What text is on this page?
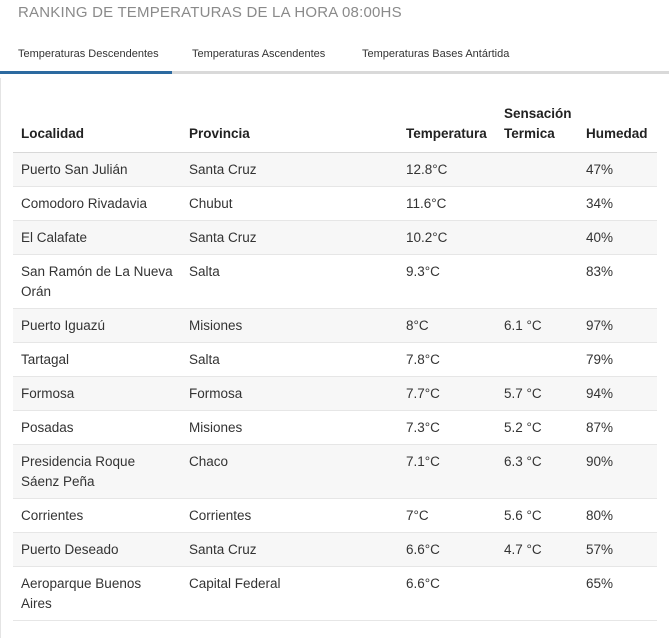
RANKING DE TEMPERATURAS DE LA HORA 08:00HS
Temperaturas Descendentes	Temperaturas Ascendentes	Temperaturas Bases Antártida
Localidad	Provincia	Temperatura	Sensación Termica	Humedad
Puerto San Julián	Santa Cruz	12.8°C		47%
Comodoro Rivadavia	Chubut	11.6°C		34%
El Calafate	Santa Cruz	10.2°C		40%
San Ramón de La Nueva Orán	Salta	9.3°C		83%
Puerto Iguazú	Misiones	8°C	6.1 °C	97%
Tartagal	Salta	7.8°C		79%
Formosa	Formosa	7.7°C	5.7 °C	94%
Posadas	Misiones	7.3°C	5.2 °C	87%
Presidencia Roque Sáenz Peña	Chaco	7.1°C	6.3 °C	90%
Corrientes	Corrientes	7°C	5.6 °C	80%
Puerto Deseado	Santa Cruz	6.6°C	4.7 °C	57%
Aeroparque Buenos Aires	Capital Federal	6.6°C		65%
